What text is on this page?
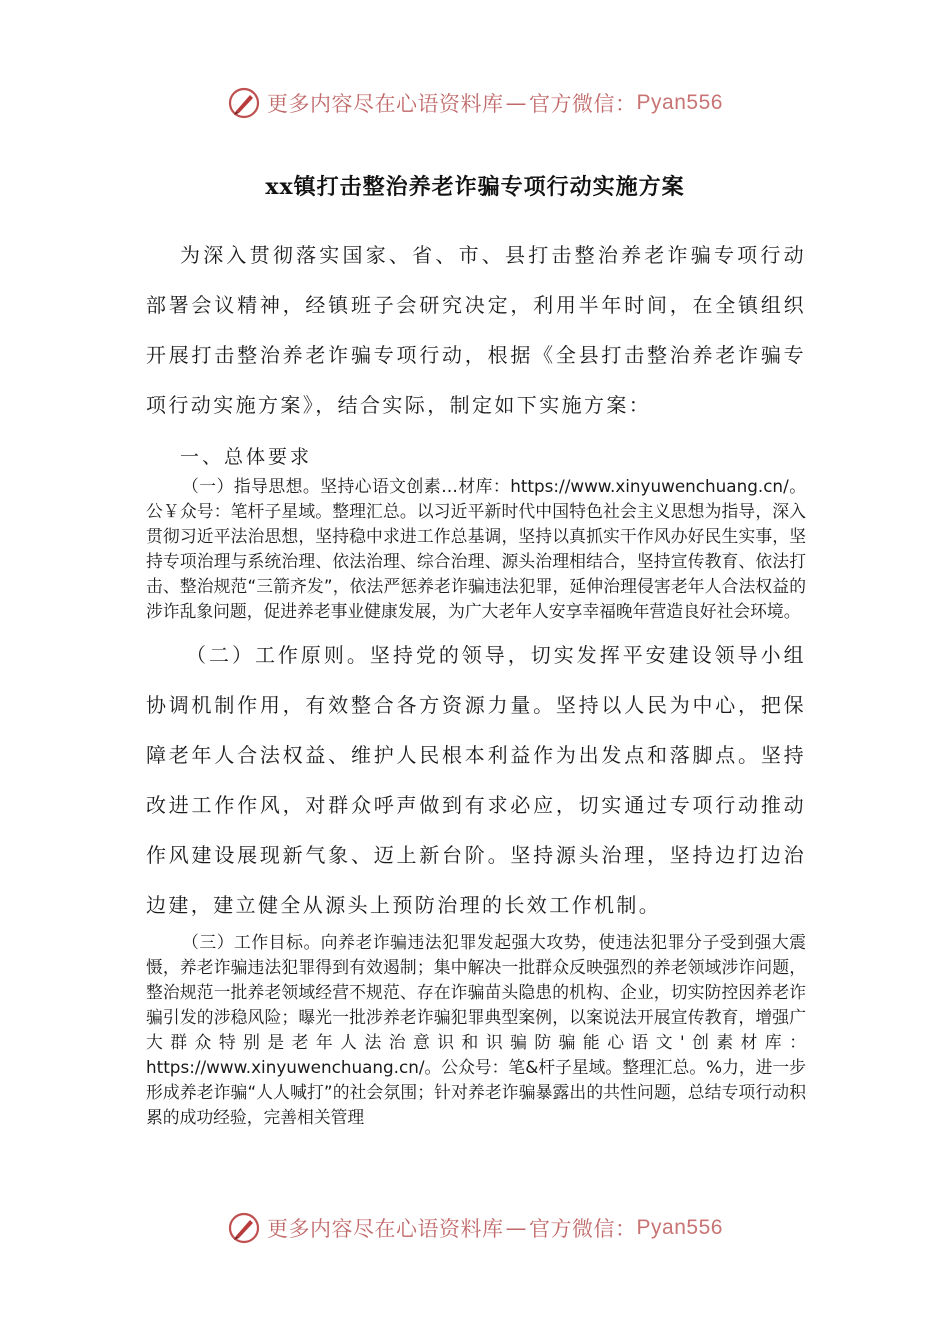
更多内容尽在心语资料库 — 官方微信： Pyan556
xx镇打击整治养老诈骗专项行动实施方案

为深入贯彻落实国家、省、市、县打击整治养老诈骗专项行动部署会议精神，经镇班子会研究决定，利用半年时间，在全镇组织开展打击整治养老诈骗专项行动，根据《全县打击整治养老诈骗专项行动实施方案》，结合实际，制定如下实施方案：

一、总体要求

（一）指导思想。坚持心语文创素…材库：https://www.xinyuwenchuang.cn/。公￥众号：笔杆子星域。整理汇总。以习近平新时代中国特色社会主义思想为指导，深入贯彻习近平法治思想，坚持稳中求进工作总基调，坚持以真抓实干作风办好民生实事，坚持专项治理与系统治理、依法治理、综合治理、源头治理相结合，坚持宣传教育、依法打击、整治规范“三箭齐发”，依法严惩养老诈骗违法犯罪，延伸治理侵害老年人合法权益的涉诈乱象问题，促进养老事业健康发展，为广大老年人安享幸福晚年营造良好社会环境。

（二）工作原则。坚持党的领导，切实发挥平安建设领导小组协调机制作用，有效整合各方资源力量。坚持以人民为中心，把保障老年人合法权益、维护人民根本利益作为出发点和落脚点。坚持改进工作作风，对群众呼声做到有求必应，切实通过专项行动推动作风建设展现新气象、迈上新台阶。坚持源头治理，坚持边打边治边建，建立健全从源头上预防治理的长效工作机制。

（三）工作目标。向养老诈骗违法犯罪发起强大攻势，使违法犯罪分子受到强大震慑，养老诈骗违法犯罪得到有效遏制；集中解决一批群众反映强烈的养老领域涉诈问题，整治规范一批养老领域经营不规范、存在诈骗苗头隐患的机构、企业，切实防控因养老诈骗引发的涉稳风险；曝光一批涉养老诈骗犯罪典型案例，以案说法开展宣传教育，增强广大群众特别是老年人法治意识和识骗防骗能心语文'创素材库：https://www.xinyuwenchuang.cn/。公众号：笔&杆子星域。整理汇总。%力，进一步形成养老诈骗“人人喊打”的社会氛围；针对养老诈骗暴露出的共性问题，总结专项行动积累的成功经验，完善相关管理

更多内容尽在心语资料库 — 官方微信： Pyan556
